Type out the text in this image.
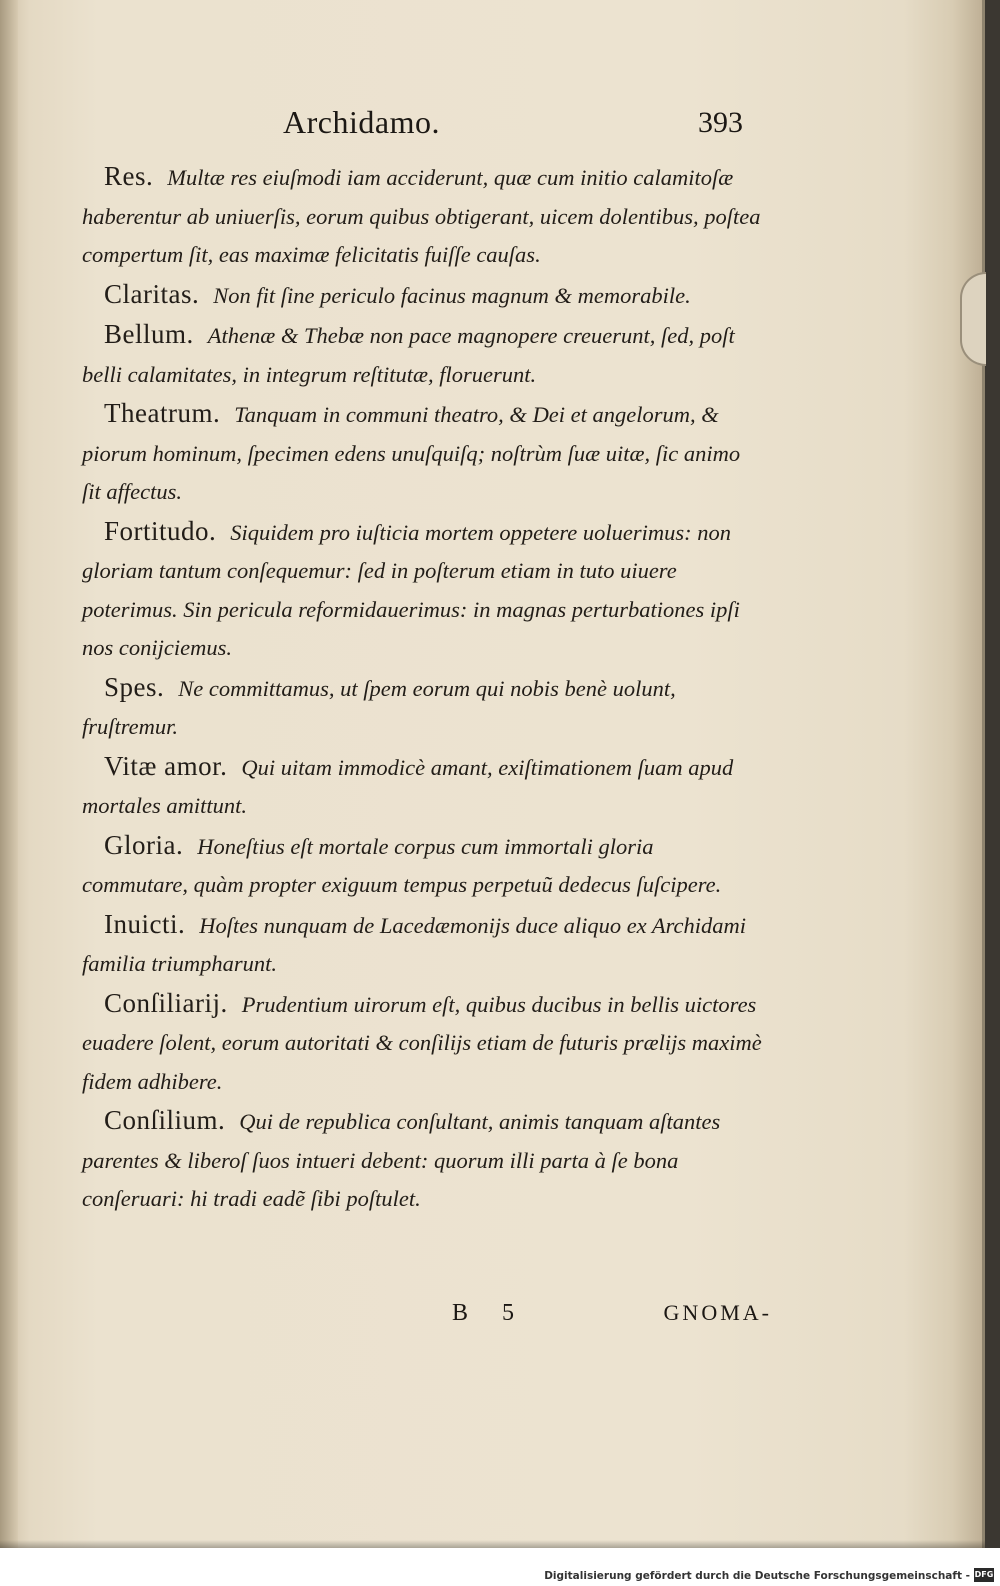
Archidamo.	393

Res. Multæ res eiuſmodi iam acciderunt, quæ cum initio calamitoſæ haberentur ab uniuerſis, eorum quibus obtigerant, uicem dolentibus, poſtea compertum ſit, eas maximæ felicitatis fuiſſe cauſas.

Claritas. Non fit ſine periculo facinus magnum & memorabile.

Bellum. Athenæ & Thebæ non pace magnopere creuerunt, ſed, poſt belli calamitates, in integrum reſtitutæ, floruerunt.

Theatrum. Tanquam in communi theatro, & Dei et angelorum, & piorum hominum, ſpecimen edens unuſquiſq; noſtrùm ſuæ uitæ, ſic animo ſit affectus.

Fortitudo. Siquidem pro iuſticia mortem oppetere uoluerimus: non gloriam tantum conſequemur: ſed in poſterum etiam in tuto uiuere poterimus. Sin pericula reformidauerimus: in magnas perturbationes ipſi nos conijciemus.

Spes. Ne committamus, ut ſpem eorum qui nobis benè uolunt, fruſtremur.

Vitæ amor. Qui uitam immodicè amant, exiſtimationem ſuam apud mortales amittunt.

Gloria. Honeſtius eſt mortale corpus cum immortali gloria commutare, quàm propter exiguum tempus perpetuũ dedecus ſuſcipere.

Inuicti. Hoſtes nunquam de Lacedæmonijs duce aliquo ex Archidami familia triumpharunt.

Conſiliarij. Prudentium uirorum eſt, quibus ducibus in bellis uictores euadere ſolent, eorum autoritati & conſilijs etiam de futuris prælijs maximè fidem adhibere.

Conſilium. Qui de republica conſultant, animis tanquam aſtantes parentes & liberoſ ſuos intueri debent: quorum illi parta à ſe bona conſeruari: hi tradi eadẽ ſibi poſtulet.

B 5	GNOMA-
Digitalisierung gefördert durch die Deutsche Forschungsgemeinschaft - DFG
